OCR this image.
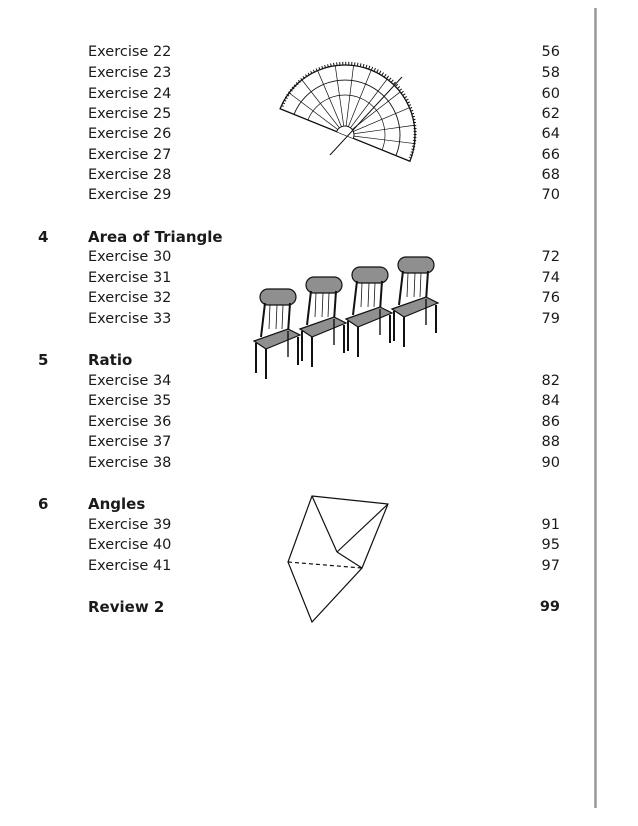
Exercise 22	56
Exercise 23	58
Exercise 24	60
Exercise 25	62
Exercise 26	64
Exercise 27	66
Exercise 28	68
Exercise 29	70
4	Area of Triangle
Exercise 30	72
Exercise 31	74
Exercise 32	76
Exercise 33	79
5	Ratio
Exercise 34	82
Exercise 35	84
Exercise 36	86
Exercise 37	88
Exercise 38	90
6	Angles
Exercise 39	91
Exercise 40	95
Exercise 41	97
Review 2	99
